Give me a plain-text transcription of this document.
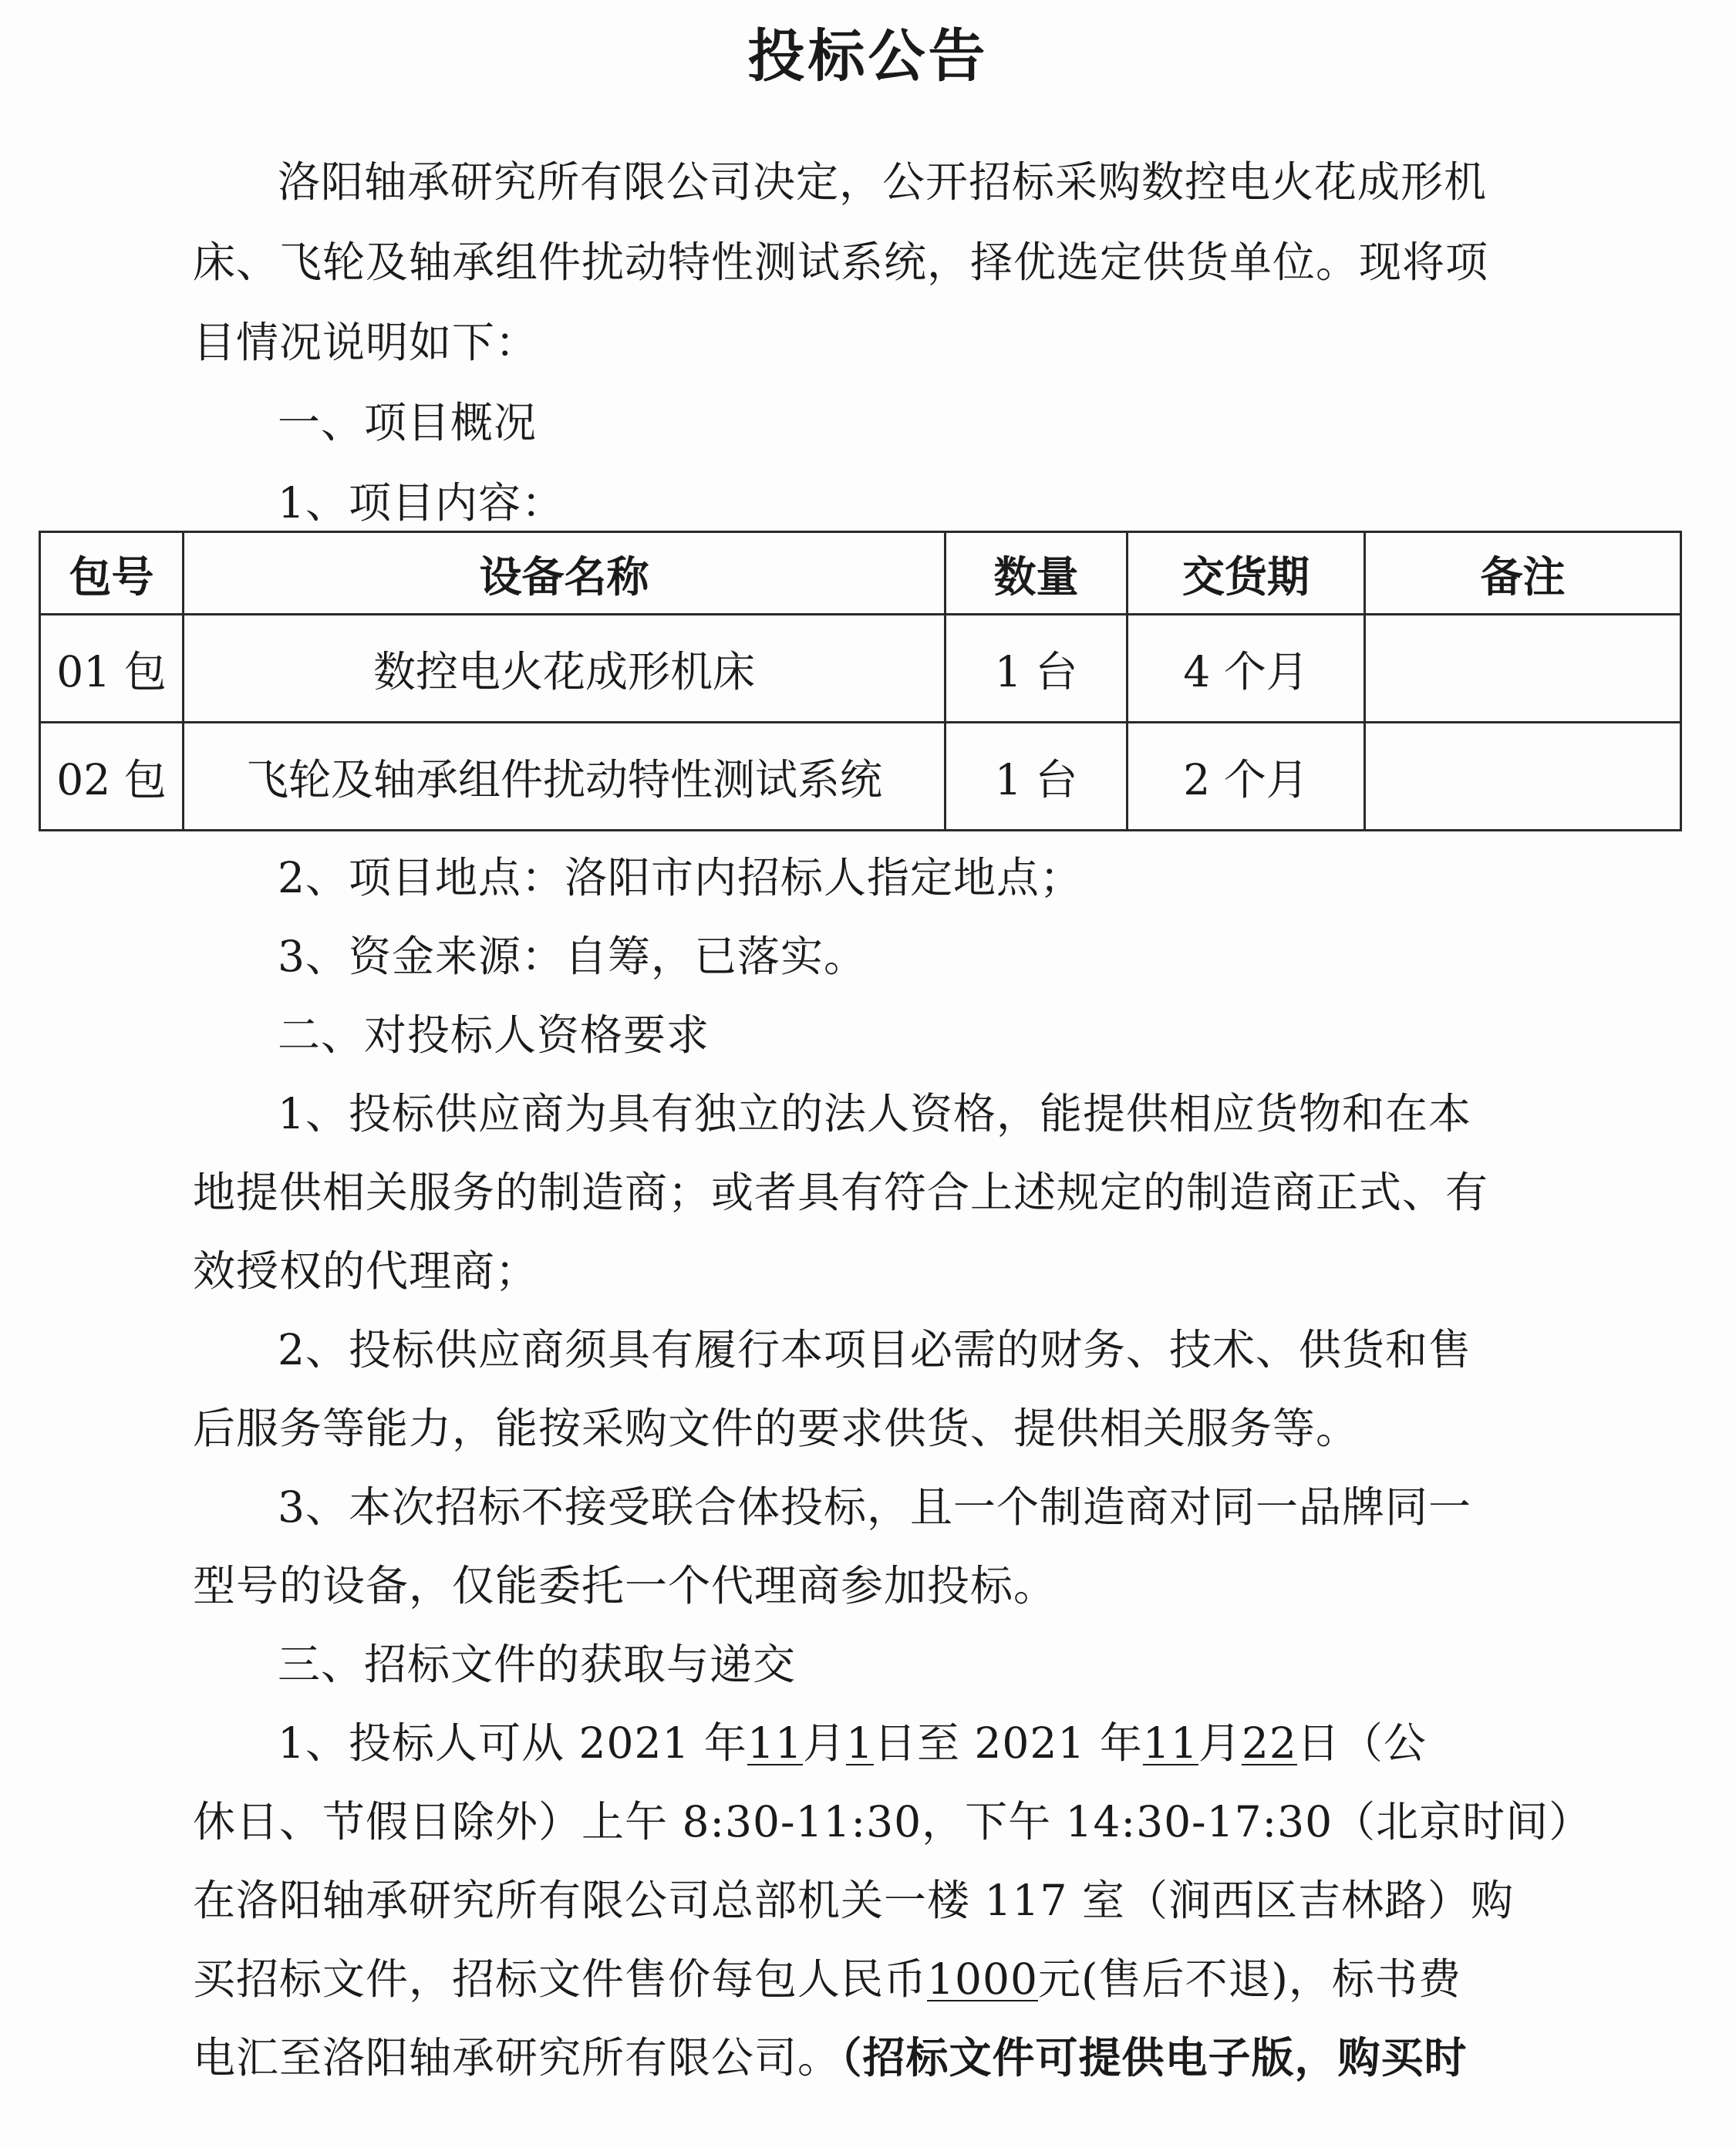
投标公告

洛阳轴承研究所有限公司决定，公开招标采购数控电火花成形机

床、飞轮及轴承组件扰动特性测试系统，择优选定供货单位。现将项

目情况说明如下：

一、项目概况

1、项目内容：

包号	设备名称	数量	交货期	备注
01 包	数控电火花成形机床	1 台	4 个月	
02 包	飞轮及轴承组件扰动特性测试系统	1 台	2 个月	

2、项目地点：洛阳市内招标人指定地点；

3、资金来源：自筹，已落实。

二、对投标人资格要求

1、投标供应商为具有独立的法人资格，能提供相应货物和在本

地提供相关服务的制造商；或者具有符合上述规定的制造商正式、有

效授权的代理商；

2、投标供应商须具有履行本项目必需的财务、技术、供货和售

后服务等能力，能按采购文件的要求供货、提供相关服务等。

3、本次招标不接受联合体投标，且一个制造商对同一品牌同一

型号的设备，仅能委托一个代理商参加投标。

三、招标文件的获取与递交

1、投标人可从 2021 年11月1日至 2021 年11月22日（公

休日、节假日除外）上午 8:30-11:30，下午 14:30-17:30（北京时间）

在洛阳轴承研究所有限公司总部机关一楼 117 室（涧西区吉林路）购

买招标文件，招标文件售价每包人民币1000元(售后不退)，标书费

电汇至洛阳轴承研究所有限公司。（招标文件可提供电子版，购买时
